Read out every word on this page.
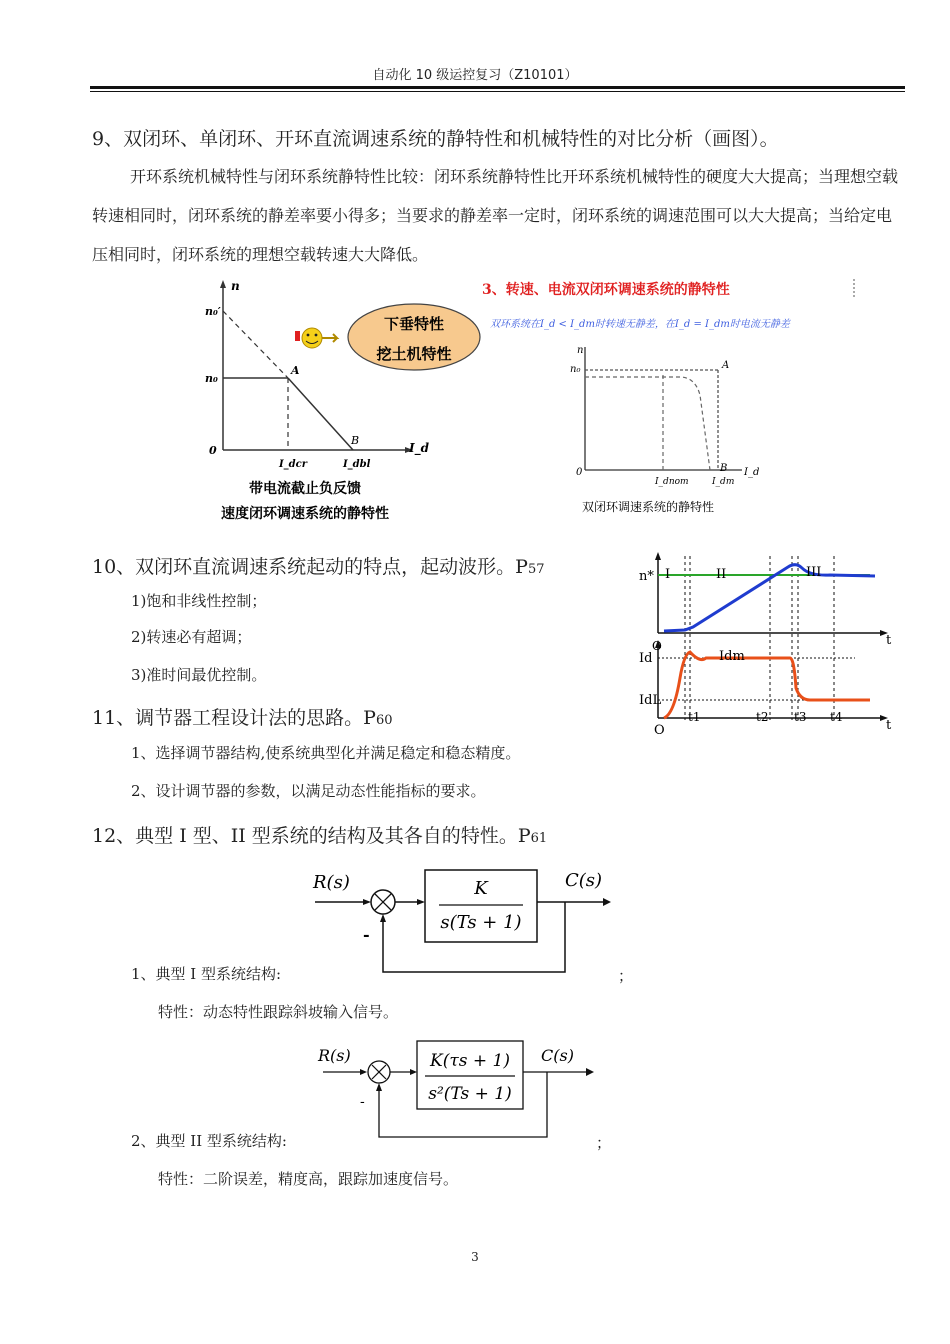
自动化 10 级运控复习（Z10101）
9、双闭环、单闭环、开环直流调速系统的静特性和机械特性的对比分析（画图）。
开环系统机械特性与闭环系统静特性比较：闭环系统静特性比开环系统机械特性的硬度大大提高；当理想空载转速相同时，闭环系统的静差率要小得多；当要求的静差率一定时，闭环系统的调速范围可以大大提高；当给定电压相同时，闭环系统的理想空载转速大大降低。
n
n₀′
n₀
0
A
B
I_d
I_dcr	I_dbl
下垂特性
挖土机特性
带电流截止负反馈
速度闭环调速系统的静特性
3、转速、电流双闭环调速系统的静特性
双环系统在I_d < I_dm时转速无静差，在I_d = I_dm时电流无静差
n
n₀
0
A
B I_d
I_dnom	I_dm
双闭环调速系统的静特性
10、双闭环直流调速系统起动的特点，起动波形。P57
1)饱和非线性控制；
2)转速必有超调；
3)准时间最优控制。
n* I	II	III
t
O
Id	Idm
IdL
O
t1	t2 t3 t4
t
11、调节器工程设计法的思路。P60
1、选择调节器结构,使系统典型化并满足稳定和稳态精度。
2、设计调节器的参数，以满足动态性能指标的要求。
12、典型 I 型、II 型系统的结构及其各自的特性。P61
R(s)	C(s)
K
s(Ts + 1)
-
1、典型 I 型系统结构:	；
特性：动态特性跟踪斜坡输入信号。
R(s)	C(s)
K(τs + 1)
s²(Ts + 1)
-
2、典型 II 型系统结构:	；
特性：二阶误差，精度高，跟踪加速度信号。
3
